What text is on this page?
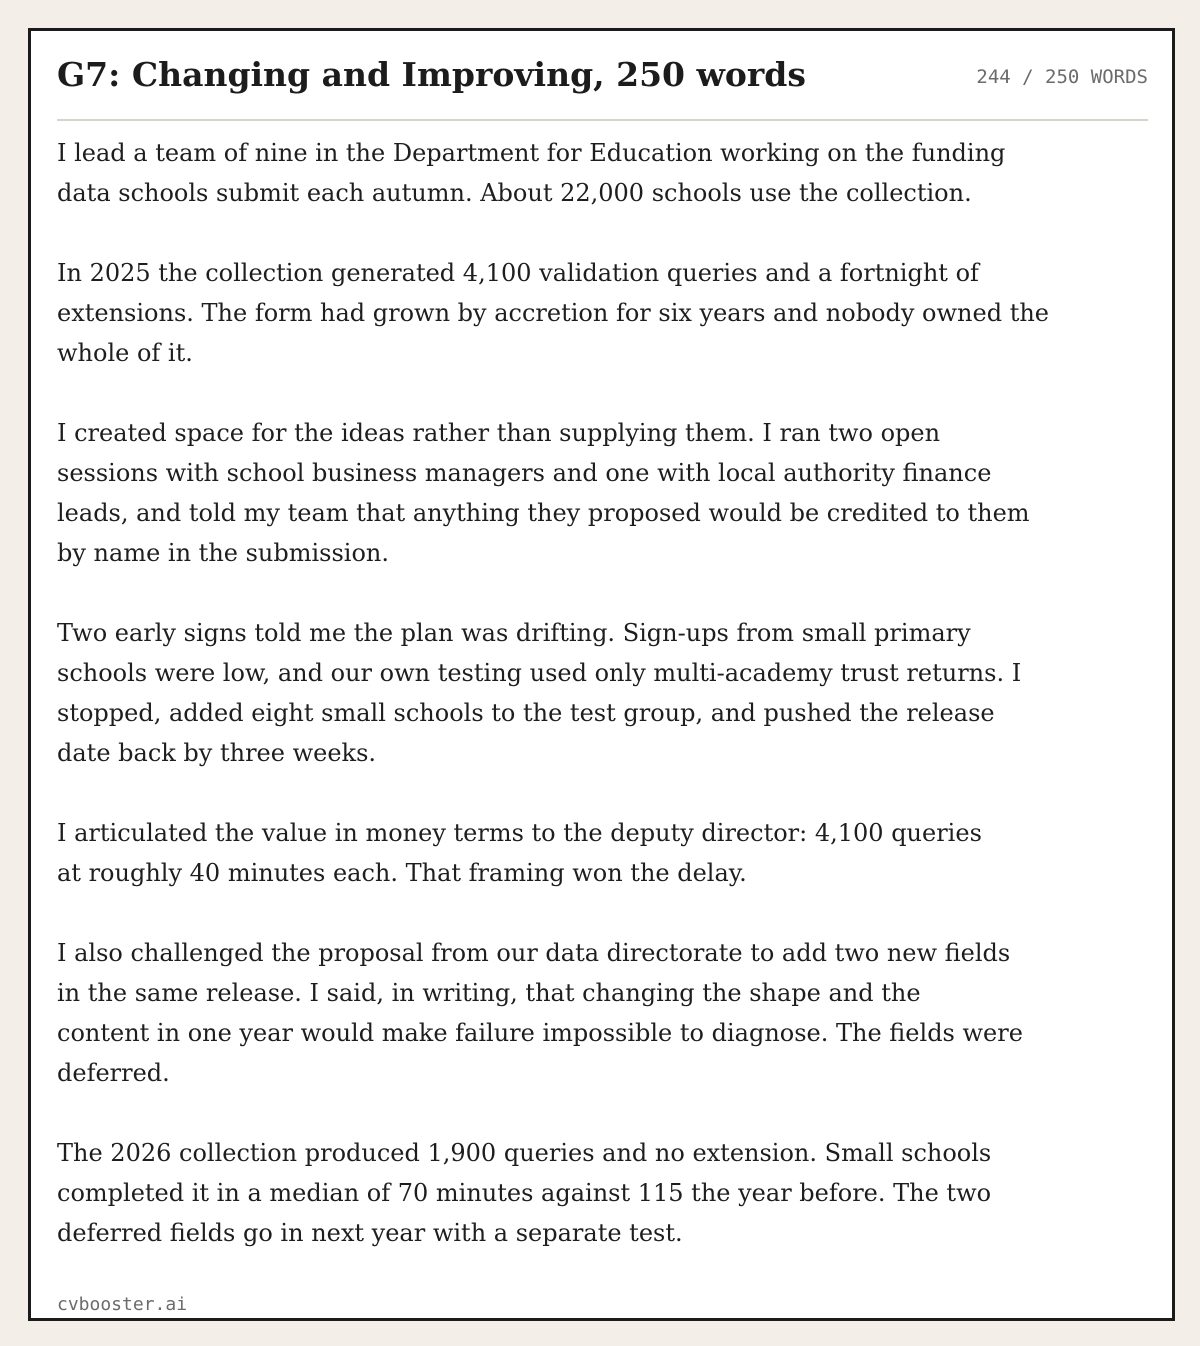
G7: Changing and Improving, 250 words	244 / 250 WORDS

I lead a team of nine in the Department for Education working on the funding
data schools submit each autumn. About 22,000 schools use the collection.

In 2025 the collection generated 4,100 validation queries and a fortnight of
extensions. The form had grown by accretion for six years and nobody owned the
whole of it.

I created space for the ideas rather than supplying them. I ran two open
sessions with school business managers and one with local authority finance
leads, and told my team that anything they proposed would be credited to them
by name in the submission.

Two early signs told me the plan was drifting. Sign-ups from small primary
schools were low, and our own testing used only multi-academy trust returns. I
stopped, added eight small schools to the test group, and pushed the release
date back by three weeks.

I articulated the value in money terms to the deputy director: 4,100 queries
at roughly 40 minutes each. That framing won the delay.

I also challenged the proposal from our data directorate to add two new fields
in the same release. I said, in writing, that changing the shape and the
content in one year would make failure impossible to diagnose. The fields were
deferred.

The 2026 collection produced 1,900 queries and no extension. Small schools
completed it in a median of 70 minutes against 115 the year before. The two
deferred fields go in next year with a separate test.

cvbooster.ai
